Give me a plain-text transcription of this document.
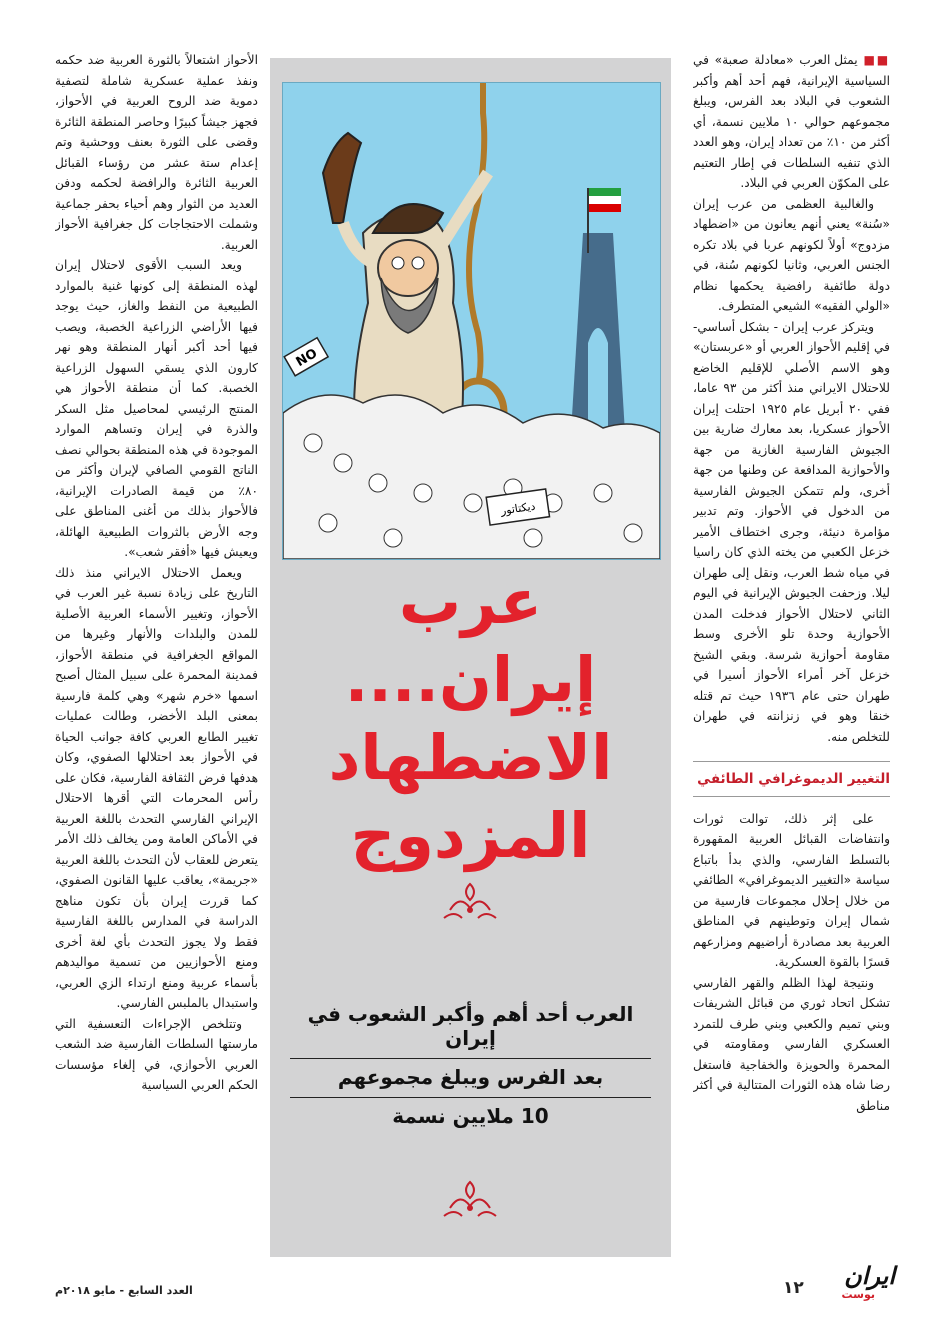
■■ يمثل العرب «معادلة صعبة» في السياسية الإيرانية، فهم أحد أهم وأكبر الشعوب في البلاد بعد الفرس، ويبلغ مجموعهم حوالي ١٠ ملايين نسمة، أي أكثر من ١٠٪ من تعداد إيران، وهو العدد الذي تنفيه السلطات في إطار التعتيم على المكوّن العربي في البلاد.

والغالبية العظمى من عرب إيران «سُنة» يعني أنهم يعانون من «اضطهاد مزدوج» أولاً لكونهم عربا في بلاد تكره الجنس العربي، وثانيا لكونهم سُنة، في دولة طائفية رافضية يحكمها نظام «الولي الفقيه» الشيعي المتطرف.

ويتركز عرب إيران - بشكل أساسي- في إقليم الأحواز العربي أو «عربستان» وهو الاسم الأصلي للإقليم الخاضع للاحتلال الايراني منذ أكثر من ٩٣ عاما، ففي ٢٠ أبريل عام ١٩٢٥ احتلت إيران الأحواز عسكريا، بعد معارك ضارية بين الجيوش الفارسية الغازية من جهة والأحوازية المدافعة عن وطنها من جهة أخرى، ولم تتمكن الجيوش الفارسية من الدخول في الأحواز. وتم تدبير مؤامرة دنيئة، وجرى اختطاف الأمير خزعل الكعبي من يخته الذي كان راسيا في مياه شط العرب، ونقل إلى طهران ليلا. وزحفت الجيوش الإيرانية في اليوم الثاني لاحتلال الأحواز فدخلت المدن الأحوازية وحدة تلو الأخرى وسط مقاومة أحوازية شرسة. وبقي الشيخ خزعل آخر أمراء الأحواز أسيرا في طهران حتى عام ١٩٣٦ حيث تم قتله خنقا وهو في زنزانته في طهران للتخلص منه.

التغيير الديموغرافي الطائفي

على إثر ذلك، توالت ثورات وانتفاضات القبائل العربية المقهورة بالتسلط الفارسي، والذي بدأ باتباع سياسة «التغيير الديموغرافي» الطائفي من خلال إحلال مجموعات فارسية من شمال إيران وتوطينهم في المناطق العربية بعد مصادرة أراضيهم ومزارعهم قسرًا بالقوة العسكرية.

ونتيجة لهذا الظلم والقهر الفارسي تشكل اتحاد ثوري من قبائل الشريفات وبني تميم والكعبي وبني طرف للتمرد العسكري الفارسي ومقاومته في المحمرة والحويزة والخفاجية فاستغل رضا شاه هذه الثورات المتتالية في أكثر مناطق

NO
ديكتاتور
عرب إيران....
الاضطهاد المزدوج
العرب أحد أهم وأكبر الشعوب في إيران
بعد الفرس ويبلغ مجموعهم
10 ملايين نسمة

الأحواز اشتعالاً بالثورة العربية ضد حكمه ونفذ عملية عسكرية شاملة لتصفية دموية ضد الروح العربية في الأحواز، فجهز جيشاً كبيرًا وحاصر المنطقة الثائرة وقضى على الثورة بعنف ووحشية وتم إعدام ستة عشر من رؤساء القبائل العربية الثائرة والرافضة لحكمه ودفن العديد من الثوار وهم أحياء بحفر جماعية وشملت الاحتجاجات كل جغرافية الأحواز العربية.

ويعد السبب الأقوى لاحتلال إيران لهذه المنطقة إلى كونها غنية بالموارد الطبيعية من النفط والغاز، حيث يوجد فيها الأراضي الزراعية الخصبة، ويصب فيها أحد أكبر أنهار المنطقة وهو نهر كارون الذي يسقي السهول الزراعية الخصبة. كما أن منطقة الأحواز هي المنتج الرئيسي لمحاصيل مثل السكر والذرة في إيران وتساهم الموارد الموجودة في هذه المنطقة بحوالي نصف الناتج القومي الصافي لإيران وأكثر من ٨٠٪ من قيمة الصادرات الإيرانية، فالأحواز بذلك من أغنى المناطق على وجه الأرض بالثروات الطبيعية الهائلة، ويعيش فيها «أفقر شعب».

ويعمل الاحتلال الايراني منذ ذلك التاريخ على زيادة نسبة غير العرب في الأحواز، وتغيير الأسماء العربية الأصلية للمدن والبلدات والأنهار وغيرها من المواقع الجغرافية في منطقة الأحواز، فمدينة المحمرة على سبيل المثال أصبح اسمها «خرم شهر» وهي كلمة فارسية بمعنى البلد الأخضر، وطالت عمليات تغيير الطابع العربي كافة جوانب الحياة في الأحواز بعد احتلالها الصفوي، وكان هدفها فرض الثقافة الفارسية، فكان على رأس المحرمات التي أقرها الاحتلال الإيراني الفارسي التحدث باللغة العربية في الأماكن العامة ومن يخالف ذلك الأمر يتعرض للعقاب لأن التحدث باللغة العربية «جريمة»، يعاقب عليها القانون الصفوي، كما قررت إيران بأن تكون مناهج الدراسة في المدارس باللغة الفارسية فقط ولا يجوز التحدث بأي لغة أخرى ومنع الأحوازيين من تسمية مواليدهم بأسماء عربية ومنع ارتداء الزي العربي، واستبدال بالملبس الفارسي.

وتتلخص الإجراءات التعسفية التي مارستها السلطات الفارسية ضد الشعب العربي الأحوازي، في إلغاء مؤسسات الحكم العربي السياسية

العدد السابع - مايو ٢٠١٨م	١٢ ايران
بوست
